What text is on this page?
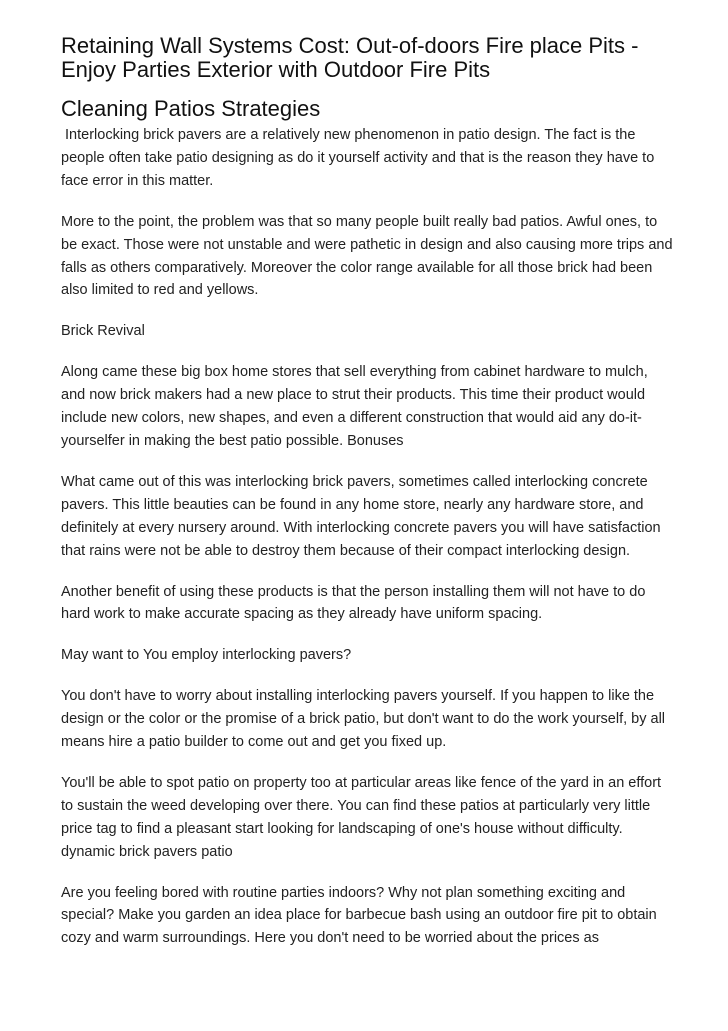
Retaining Wall Systems Cost: Out-of-doors Fire place Pits - Enjoy Parties Exterior with Outdoor Fire Pits
Cleaning Patios Strategies

Interlocking brick pavers are a relatively new phenomenon in patio design. The fact is the people often take patio designing as do it yourself activity and that is the reason they have to face error in this matter.

More to the point, the problem was that so many people built really bad patios. Awful ones, to be exact. Those were not unstable and were pathetic in design and also causing more trips and falls as others comparatively. Moreover the color range available for all those brick had been also limited to red and yellows.

Brick Revival

Along came these big box home stores that sell everything from cabinet hardware to mulch, and now brick makers had a new place to strut their products. This time their product would include new colors, new shapes, and even a different construction that would aid any do-it-yourselfer in making the best patio possible. Bonuses

What came out of this was interlocking brick pavers, sometimes called interlocking concrete pavers. This little beauties can be found in any home store, nearly any hardware store, and definitely at every nursery around. With interlocking concrete pavers you will have satisfaction that rains were not be able to destroy them because of their compact interlocking design.

Another benefit of using these products is that the person installing them will not have to do hard work to make accurate spacing as they already have uniform spacing.

May want to You employ interlocking pavers?

You don't have to worry about installing interlocking pavers yourself. If you happen to like the design or the color or the promise of a brick patio, but don't want to do the work yourself, by all means hire a patio builder to come out and get you fixed up.

You'll be able to spot patio on property too at particular areas like fence of the yard in an effort to sustain the weed developing over there. You can find these patios at particularly very little price tag to find a pleasant start looking for landscaping of one's house without difficulty.

dynamic brick pavers patio

Are you feeling bored with routine parties indoors? Why not plan something exciting and special? Make you garden an idea place for barbecue bash using an outdoor fire pit to obtain cozy and warm surroundings. Here you don't need to be worried about the prices as
